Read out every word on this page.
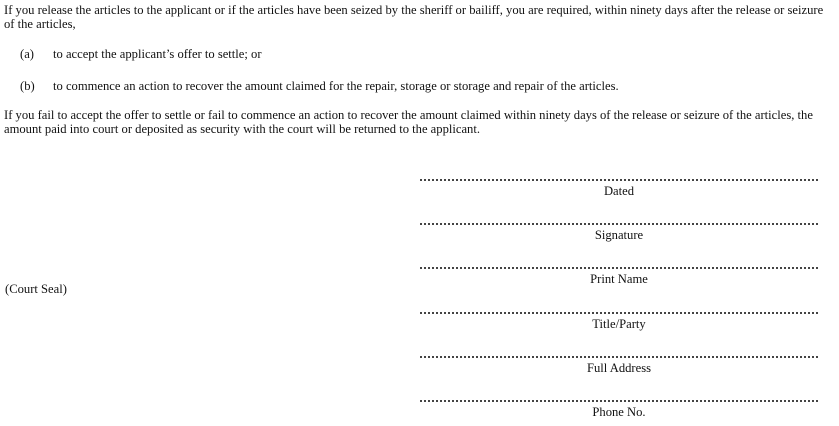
If you release the articles to the applicant or if the articles have been seized by the sheriff or bailiff, you are required, within ninety days after the release or seizure of the articles,

(a) to accept the applicant’s offer to settle; or

(b) to commence an action to recover the amount claimed for the repair, storage or storage and repair of the articles.

If you fail to accept the offer to settle or fail to commence an action to recover the amount claimed within ninety days of the release or seizure of the articles, the amount paid into court or deposited as security with the court will be returned to the applicant.

(Court Seal)

Dated
Signature
Print Name
Title/Party
Full Address
Phone No.
